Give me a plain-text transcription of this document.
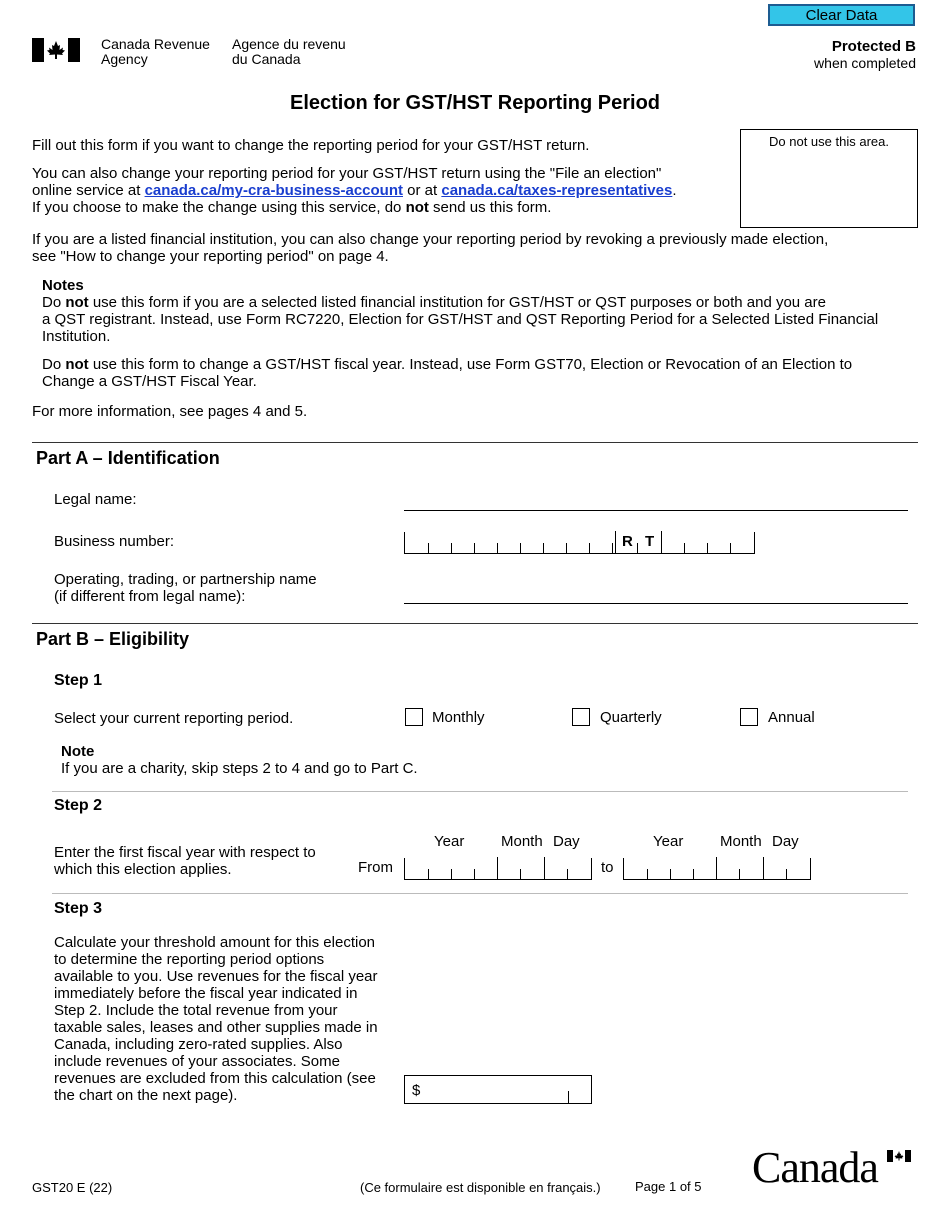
Clear Data
Canada Revenue
Agency
Agence du revenu
du Canada
Protected B
when completed
Election for GST/HST Reporting Period
Do not use this area.

Fill out this form if you want to change the reporting period for your GST/HST return.

You can also change your reporting period for your GST/HST return using the "File an election"
online service at canada.ca/my-cra-business-account or at canada.ca/taxes-representatives.
If you choose to make the change using this service, do not send us this form.
If you are a listed financial institution, you can also change your reporting period by revoking a previously made election,
see "How to change your reporting period" on page 4.
Notes
Do not use this form if you are a selected listed financial institution for GST/HST or QST purposes or both and you are
a QST registrant. Instead, use Form RC7220, Election for GST/HST and QST Reporting Period for a Selected Listed Financial
Institution.
Do not use this form to change a GST/HST fiscal year. Instead, use Form GST70, Election or Revocation of an Election to
Change a GST/HST Fiscal Year.

For more information, see pages 4 and 5.

Part A – Identification
Legal name:
Business number:	R T
Operating, trading, or partnership name
(if different from legal name):
Part B – Eligibility
Step 1
Select your current reporting period.	Monthly	Quarterly	Annual
Note
If you are a charity, skip steps 2 to 4 and go to Part C.
Step 2
Year Month Day	Year Month Day
Enter the first fiscal year with respect to
which this election applies.	From	to
Step 3
Calculate your threshold amount for this election
to determine the reporting period options
available to you. Use revenues for the fiscal year
immediately before the fiscal year indicated in
Step 2. Include the total revenue from your
taxable sales, leases and other supplies made in
Canada, including zero-rated supplies. Also
include revenues of your associates. Some
revenues are excluded from this calculation (see
the chart on the next page).	$
GST20 E (22)	(Ce formulaire est disponible en français.)	Page 1 of 5 Canada
